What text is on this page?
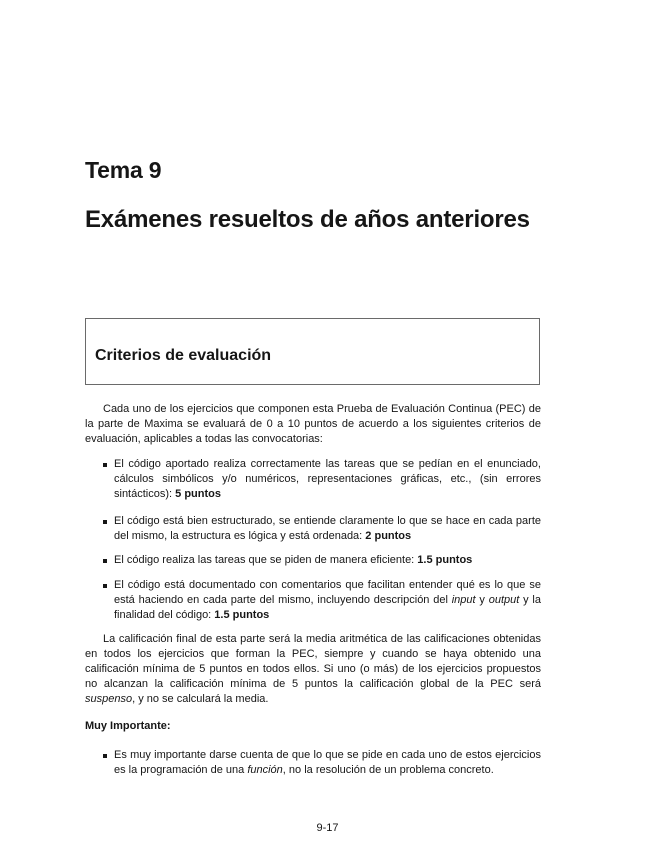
Tema 9
Exámenes resueltos de años anteriores
Criterios de evaluación

Cada uno de los ejercicios que componen esta Prueba de Evaluación Continua (PEC) de la parte de Maxima se evaluará de 0 a 10 puntos de acuerdo a los siguientes criterios de evaluación, aplicables a todas las convocatorias:

El código aportado realiza correctamente las tareas que se pedían en el enunciado, cálculos simbólicos y/o numéricos, representaciones gráficas, etc., (sin errores sintácticos): 5 puntos
El código está bien estructurado, se entiende claramente lo que se hace en cada parte del mismo, la estructura es lógica y está ordenada: 2 puntos
El código realiza las tareas que se piden de manera eficiente: 1.5 puntos
El código está documentado con comentarios que facilitan entender qué es lo que se está haciendo en cada parte del mismo, incluyendo descripción del input y output y la finalidad del código: 1.5 puntos

La calificación final de esta parte será la media aritmética de las calificaciones obtenidas en todos los ejercicios que forman la PEC, siempre y cuando se haya obtenido una calificación mínima de 5 puntos en todos ellos. Si uno (o más) de los ejercicios propuestos no alcanzan la calificación mínima de 5 puntos la calificación global de la PEC será suspenso, y no se calculará la media.

Muy Importante:
Es muy importante darse cuenta de que lo que se pide en cada uno de estos ejercicios es la programación de una función, no la resolución de un problema concreto.
9-17
